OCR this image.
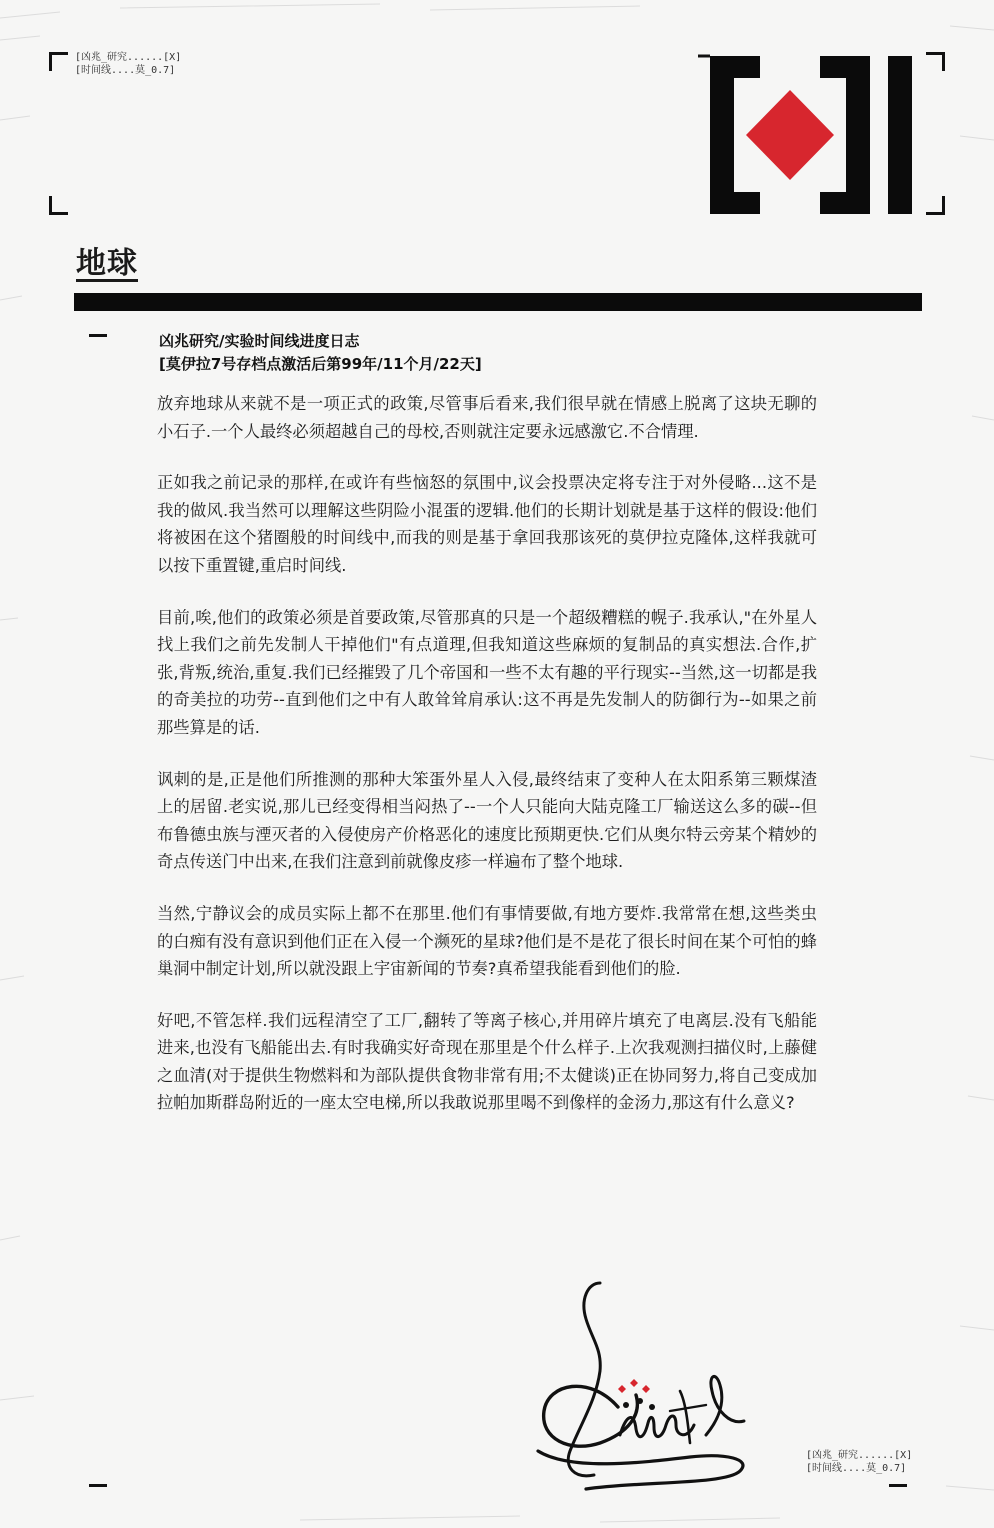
[凶兆_研究......[X]
[时间线....莫_0.7]
地球
凶兆研究/实验时间线进度日志
[莫伊拉7号存档点激活后第99年/11个月/22天]

放弃地球从来就不是一项正式的政策,尽管事后看来,我们很早就在情感上脱离了这块无聊的小石子.一个人最终必须超越自己的母校,否则就注定要永远感激它.不合情理.

正如我之前记录的那样,在或许有些恼怒的氛围中,议会投票决定将专注于对外侵略...这不是我的做风.我当然可以理解这些阴险小混蛋的逻辑.他们的长期计划就是基于这样的假设:他们将被困在这个猪圈般的时间线中,而我的则是基于拿回我那该死的莫伊拉克隆体,这样我就可以按下重置键,重启时间线.

目前,唉,他们的政策必须是首要政策,尽管那真的只是一个超级糟糕的幌子.我承认,"在外星人找上我们之前先发制人干掉他们"有点道理,但我知道这些麻烦的复制品的真实想法.合作,扩张,背叛,统治,重复.我们已经摧毁了几个帝国和一些不太有趣的平行现实--当然,这一切都是我的奇美拉的功劳--直到他们之中有人敢耸耸肩承认:这不再是先发制人的防御行为--如果之前那些算是的话.

讽刺的是,正是他们所推测的那种大笨蛋外星人入侵,最终结束了变种人在太阳系第三颗煤渣上的居留.老实说,那儿已经变得相当闷热了--一个人只能向大陆克隆工厂输送这么多的碳--但布鲁德虫族与湮灭者的入侵使房产价格恶化的速度比预期更快.它们从奥尔特云旁某个精妙的奇点传送门中出来,在我们注意到前就像皮疹一样遍布了整个地球.

当然,宁静议会的成员实际上都不在那里.他们有事情要做,有地方要炸.我常常在想,这些类虫的白痴有没有意识到他们正在入侵一个濒死的星球?他们是不是花了很长时间在某个可怕的蜂巢洞中制定计划,所以就没跟上宇宙新闻的节奏?真希望我能看到他们的脸.

好吧,不管怎样.我们远程清空了工厂,翻转了等离子核心,并用碎片填充了电离层.没有飞船能进来,也没有飞船能出去.有时我确实好奇现在那里是个什么样子.上次我观测扫描仪时,上藤健之血清(对于提供生物燃料和为部队提供食物非常有用;不太健谈)正在协同努力,将自己变成加拉帕加斯群岛附近的一座太空电梯,所以我敢说那里喝不到像样的金汤力,那这有什么意义?

[凶兆_研究......[X]
[时间线....莫_0.7]
